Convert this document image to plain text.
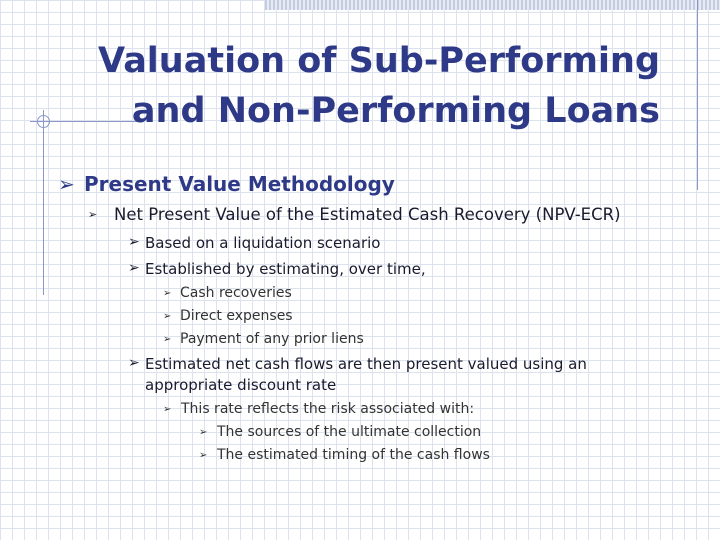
Valuation of Sub-Performing
and Non-Performing Loans
➢ Present Value Methodology
➢ Net Present Value of the Estimated Cash Recovery (NPV-ECR)
➢ Based on a liquidation scenario
➢ Established by estimating, over time,
➢ Cash recoveries
➢ Direct expenses
➢ Payment of any prior liens
➢ Estimated net cash flows are then present valued using an
appropriate discount rate
➢ This rate reflects the risk associated with:
➢ The sources of the ultimate collection
➢ The estimated timing of the cash flows
